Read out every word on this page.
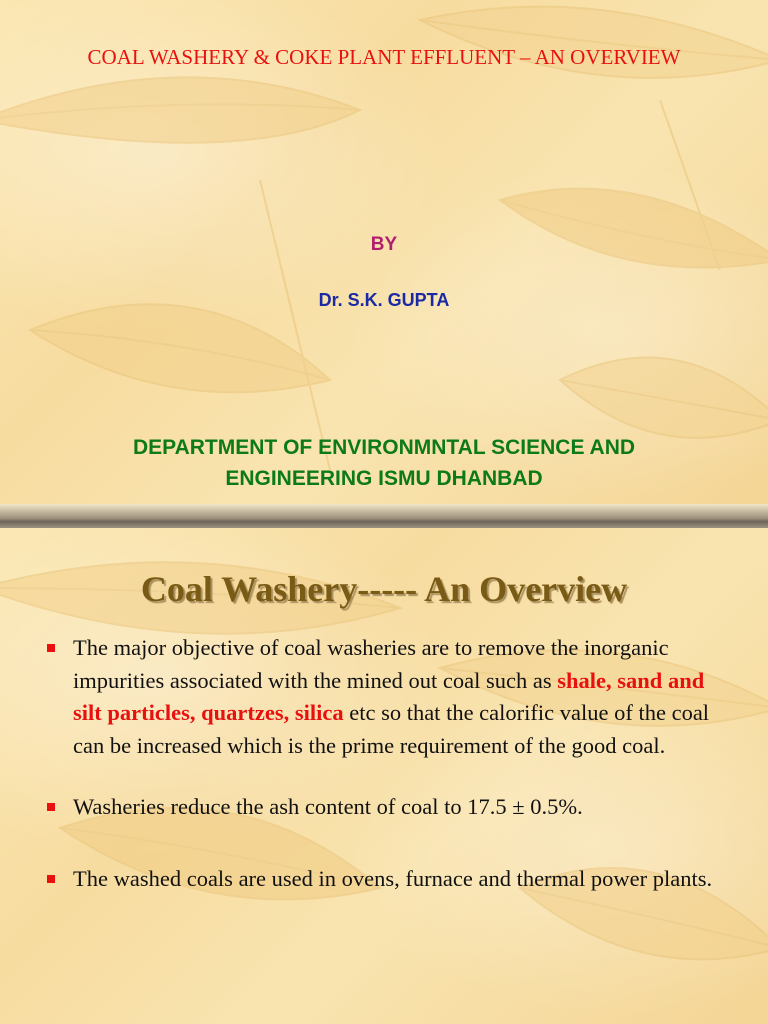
COAL WASHERY & COKE PLANT EFFLUENT – AN OVERVIEW
BY
Dr. S.K. GUPTA
DEPARTMENT OF ENVIRONMNTAL SCIENCE AND
ENGINEERING ISMU DHANBAD
Coal Washery----- An Overview

The major objective of coal washeries are to remove the inorganic impurities associated with the mined out coal such as shale, sand and silt particles, quartzes, silica etc so that the calorific value of the coal can be increased which is the prime requirement of the good coal.

Washeries reduce the ash content of coal to 17.5 ± 0.5%.

The washed coals are used in ovens, furnace and thermal power plants.
